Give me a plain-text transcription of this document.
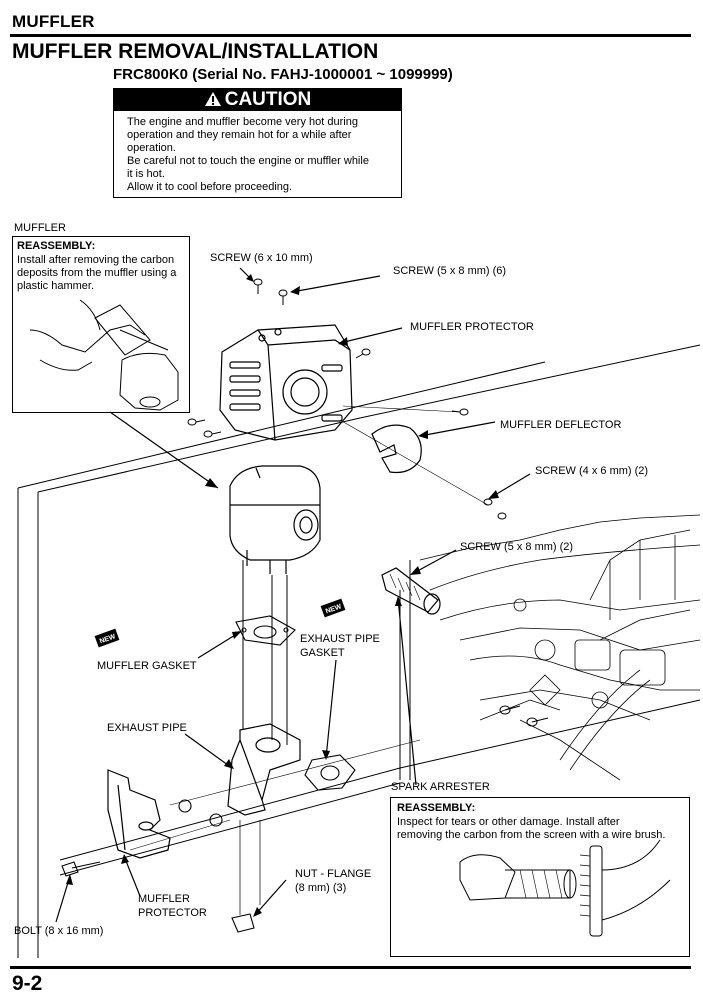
MUFFLER
MUFFLER REMOVAL/INSTALLATION
FRC800K0 (Serial No. FAHJ-1000001 ~ 1099999)
CAUTION
The engine and muffler become very hot during
operation and they remain hot for a while after
operation.
Be careful not to touch the engine or muffler while
it is hot.
Allow it to cool before proceeding.
NEW
NEW
MUFFLER
SCREW (6 x 10 mm)
SCREW (5 x 8 mm) (6)
MUFFLER PROTECTOR
MUFFLER DEFLECTOR
SCREW (4 x 6 mm) (2)
SCREW (5 x 8 mm) (2)
MUFFLER GASKET
EXHAUST PIPE
GASKET
EXHAUST PIPE
SPARK ARRESTER
MUFFLER
PROTECTOR
NUT - FLANGE
(8 mm) (3)
BOLT (8 x 16 mm)
REASSEMBLY:
Install after removing the carbon
deposits from the muffler using a
plastic hammer.
REASSEMBLY:
Inspect for tears or other damage. Install after
removing the carbon from the screen with a wire brush.
9-2
